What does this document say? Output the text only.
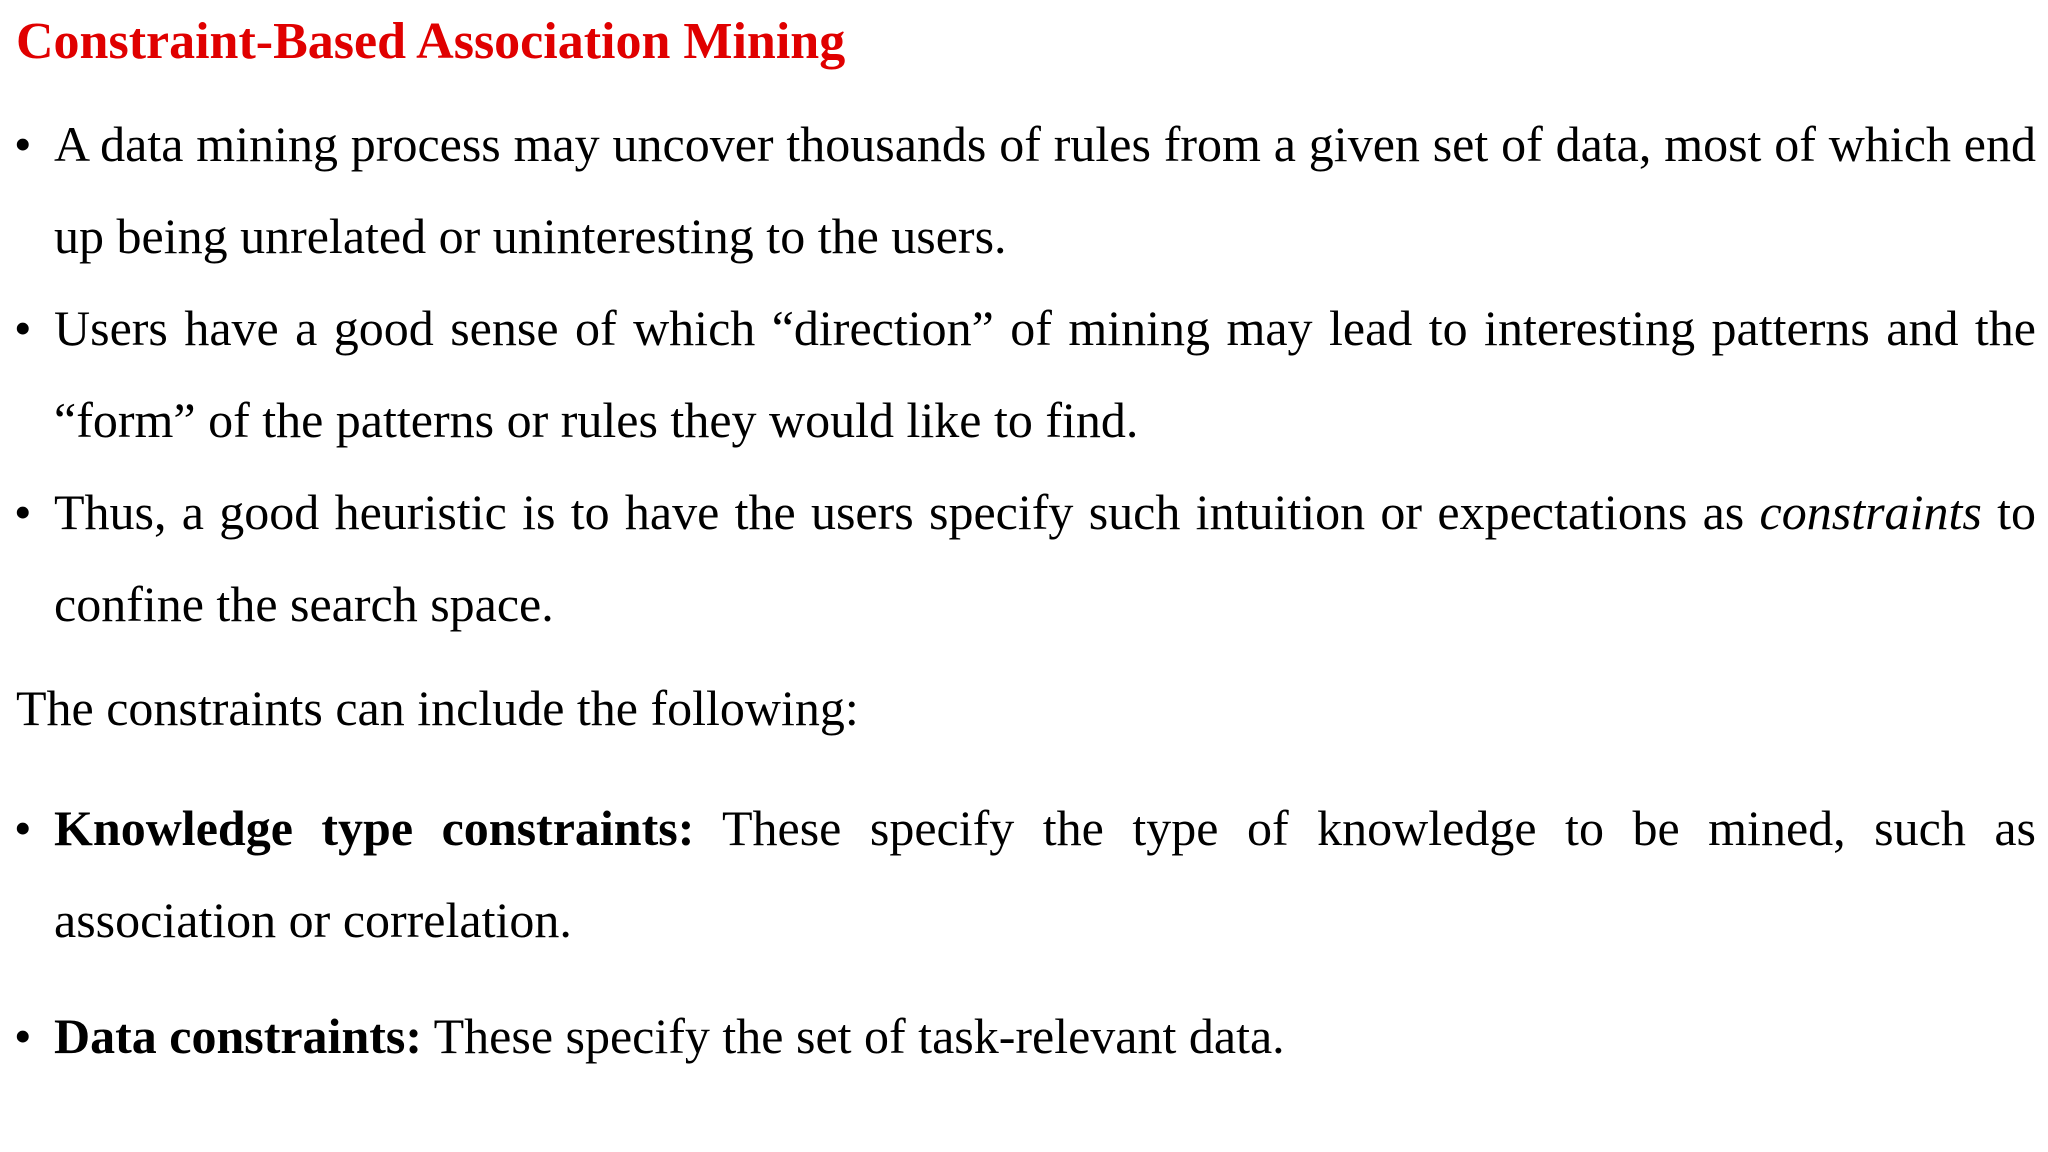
Constraint-Based Association Mining
• A data mining process may uncover thousands of rules from a given set of data, most of which end up being unrelated or uninteresting to the users.
• Users have a good sense of which “direction” of mining may lead to interesting patterns and the “form” of the patterns or rules they would like to find.
• Thus, a good heuristic is to have the users specify such intuition or expectations as constraints to confine the search space.
The constraints can include the following:
• Knowledge type constraints: These specify the type of knowledge to be mined, such as association or correlation.
• Data constraints: These specify the set of task-relevant data.
